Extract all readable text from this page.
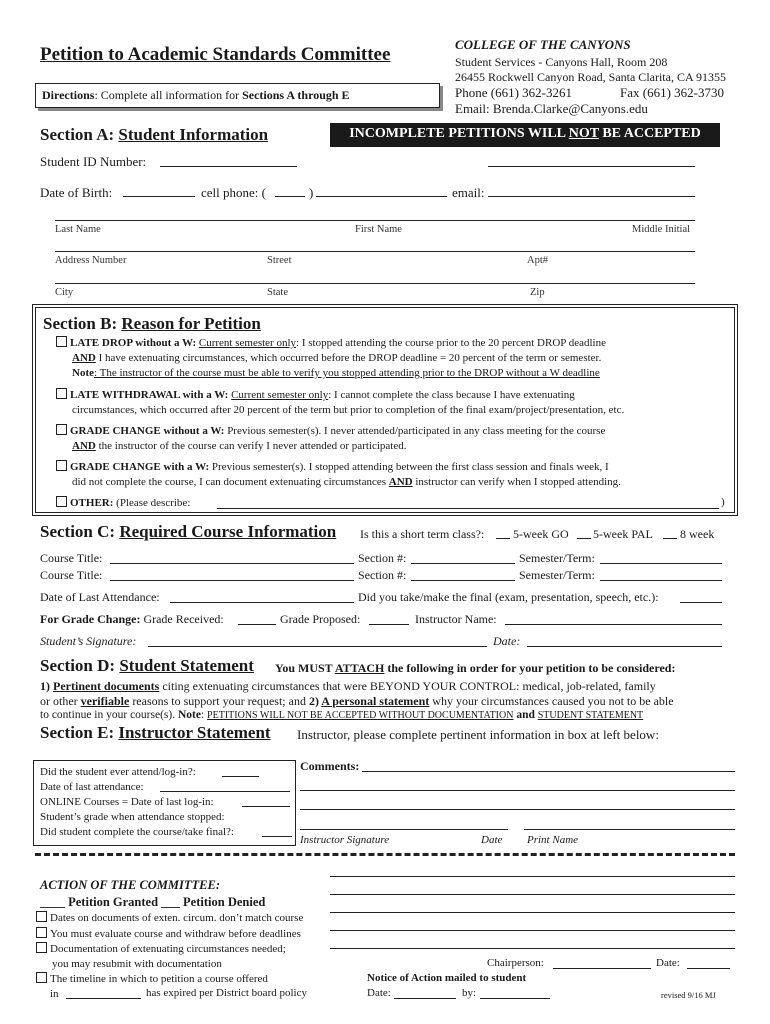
Petition to Academic Standards Committee
Directions: Complete all information for Sections A through E
COLLEGE OF THE CANYONS
Student Services - Canyons Hall, Room 208
26455 Rockwell Canyon Road, Santa Clarita, CA 91355
Phone (661) 362-3261	Fax (661) 362-3730
Email: Brenda.Clarke@Canyons.edu
Section A: Student Information	INCOMPLETE PETITIONS WILL NOT BE ACCEPTED
Student ID Number:
Date of Birth:	cell phone: (	)	email:
Last Name	First Name	Middle Initial
Address Number	Street	Apt#
City	State	Zip
Section B: Reason for Petition
LATE DROP without a W: Current semester only: I stopped attending the course prior to the 20 percent DROP deadline
AND I have extenuating circumstances, which occurred before the DROP deadline = 20 percent of the term or semester.
Note: The instructor of the course must be able to verify you stopped attending prior to the DROP without a W deadline
LATE WITHDRAWAL with a W: Current semester only: I cannot complete the class because I have extenuating
circumstances, which occurred after 20 percent of the term but prior to completion of the final exam/project/presentation, etc.
GRADE CHANGE without a W: Previous semester(s). I never attended/participated in any class meeting for the course
AND the instructor of the course can verify I never attended or participated.
GRADE CHANGE with a W: Previous semester(s). I stopped attending between the first class session and finals week, I
did not complete the course, I can document extenuating circumstances AND instructor can verify when I stopped attending.
OTHER: (Please describe:	)
Section C: Required Course Information Is this a short term class?: 5-week GO 5-week PAL 8 week
Course Title:	Section #:	Semester/Term:
Course Title:	Section #:	Semester/Term:
Date of Last Attendance:	Did you take/make the final (exam, presentation, speech, etc.):
For Grade Change: Grade Received:	Grade Proposed:	Instructor Name:
Student’s Signature:	Date:
Section D: Student Statement You MUST ATTACH the following in order for your petition to be considered:
1) Pertinent documents citing extenuating circumstances that were BEYOND YOUR CONTROL: medical, job-related, family
or other verifiable reasons to support your request; and 2) A personal statement why your circumstances caused you not to be able
to continue in your course(s). Note: PETITIONS WILL NOT BE ACCEPTED WITHOUT DOCUMENTATION and STUDENT STATEMENT
Section E: Instructor Statement Instructor, please complete pertinent information in box at left below:
Did the student ever attend/log-in?:
Date of last attendance:
ONLINE Courses = Date of last log-in:
Student’s grade when attendance stopped:
Did student complete the course/take final?:
Comments:
Instructor Signature	Date Print Name
ACTION OF THE COMMITTEE:
____ Petition Granted ___ Petition Denied
Dates on documents of exten. circum. don’t match course
You must evaluate course and withdraw before deadlines
Documentation of extenuating circumstances needed;
you may resubmit with documentation
The timeline in which to petition a course offered
in	has expired per District board policy
Chairperson:	Date:
Notice of Action mailed to student
Date:	by:	revised 9/16 MJ
